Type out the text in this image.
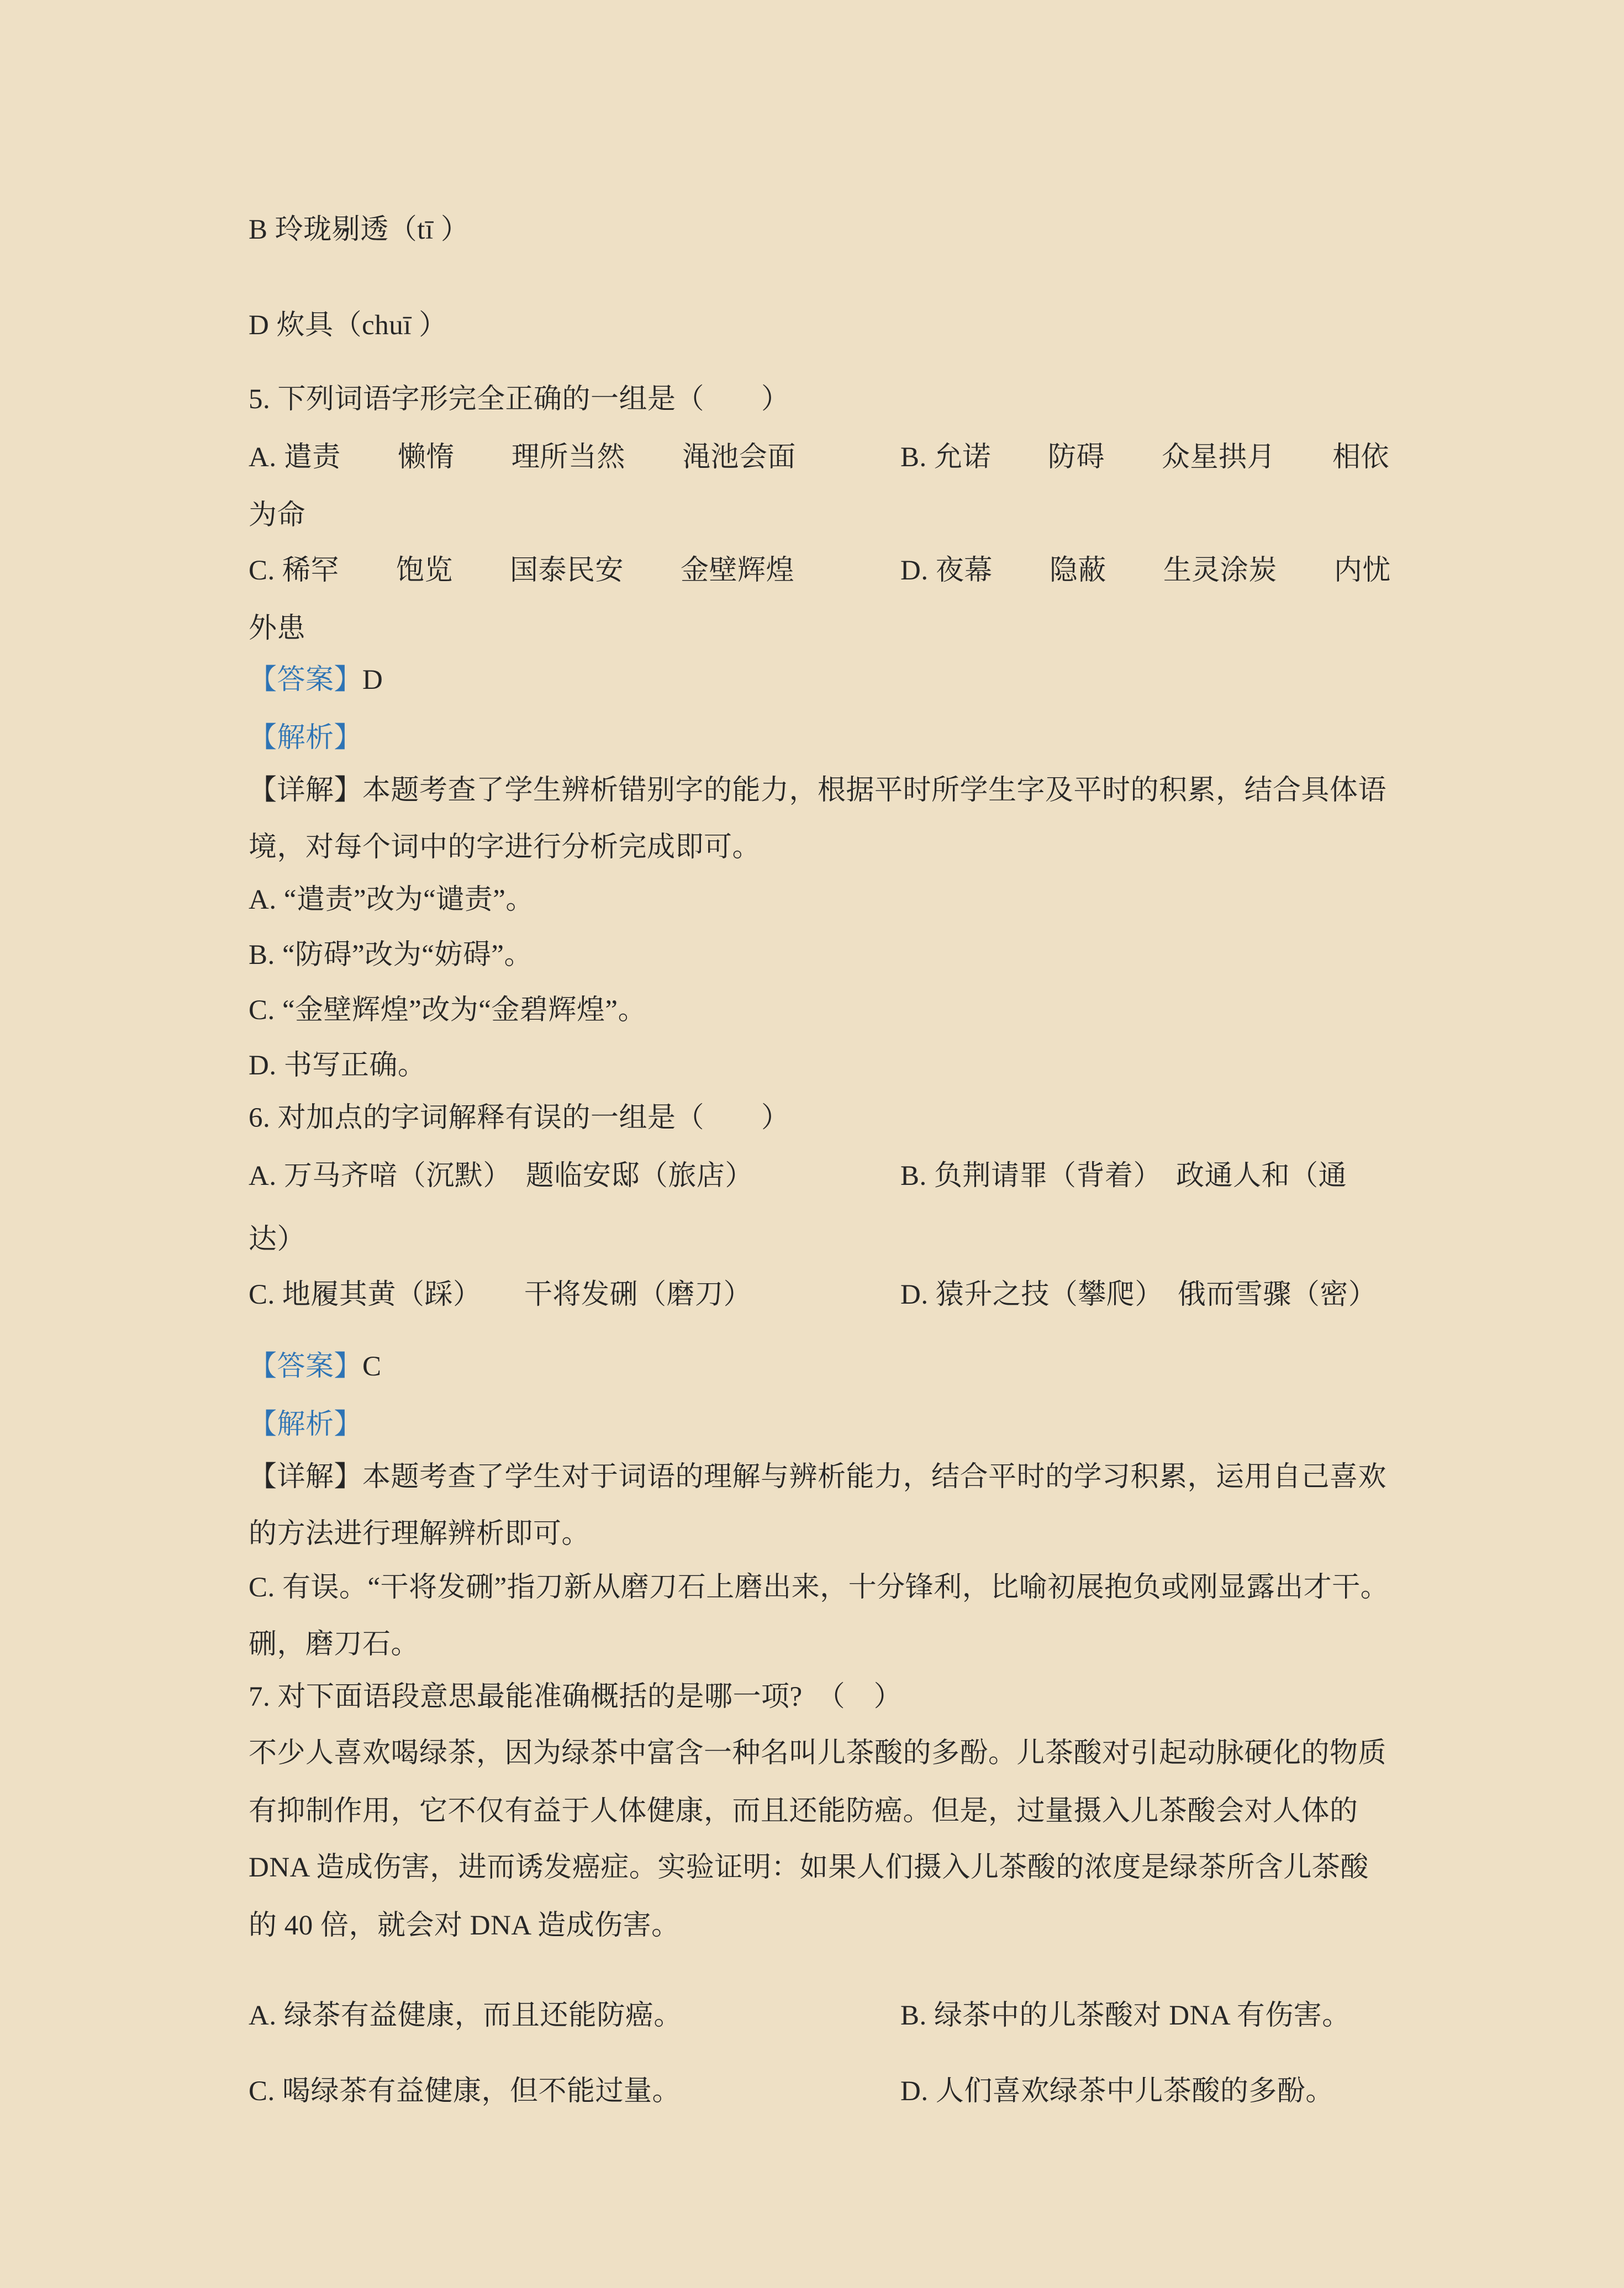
B 玲珑剔 •透（tī ）
D 炊 •具（chuī ）
5. 下列词语字形完全正确的一组是（　　）
A. 遣责　　懒惰　　理所当然　　渑池会面	B. 允诺　　防碍　　众星拱月　　相依
为命
C. 稀罕　　饱览　　国泰民安　　金壁辉煌	D. 夜幕　　隐蔽　　生灵涂炭　　内忧
外患
【答案】D
【解析】
【详解】本题考查了学生辨析错别字的能力，根据平时所学生字及平时的积累，结合具体语
境，对每个词中的字进行分析完成即可。
A. “遣责”改为“谴责”。
B. “防碍”改为“妨碍”。
C. “金壁辉煌”改为“金碧辉煌”。
D. 书写正确。
6. 对加点的字词解释有误的一组是（　　）
A. 万马齐喑 •（沉默）　题临安邸 •（旅店）	B. 负 •荆请罪（背着）　政通 •人和（通
达）
C. 地履 •其黄（踩）　　干将发硎 •（磨刀）	D. 猿升 •之技（攀爬）　俄而雪骤 •（密）
【答案】C
【解析】
【详解】本题考查了学生对于词语的理解与辨析能力，结合平时的学习积累，运用自己喜欢
的方法进行理解辨析即可。
C. 有误。“干将发硎”指刀新从磨刀石上磨出来，十分锋利，比喻初展抱负或刚显露出才干。
硎，磨刀石。
7. 对下面语段意思最能准确概括的是哪一项?　（　）
不少人喜欢喝绿茶，因为绿茶中富含一种名叫儿茶酸的多酚。儿茶酸对引起动脉硬化的物质
有抑制作用，它不仅有益于人体健康，而且还能防癌。但是，过量摄入儿茶酸会对人体的
DNA 造成伤害，进而诱发癌症。实验证明：如果人们摄入儿茶酸的浓度是绿茶所含儿茶酸
的 40 倍，就会对 DNA 造成伤害。
A. 绿茶有益健康，而且还能防癌。	B. 绿茶中的儿茶酸对 DNA 有伤害。
C. 喝绿茶有益健康，但不能过量。	D. 人们喜欢绿茶中儿茶酸的多酚。
